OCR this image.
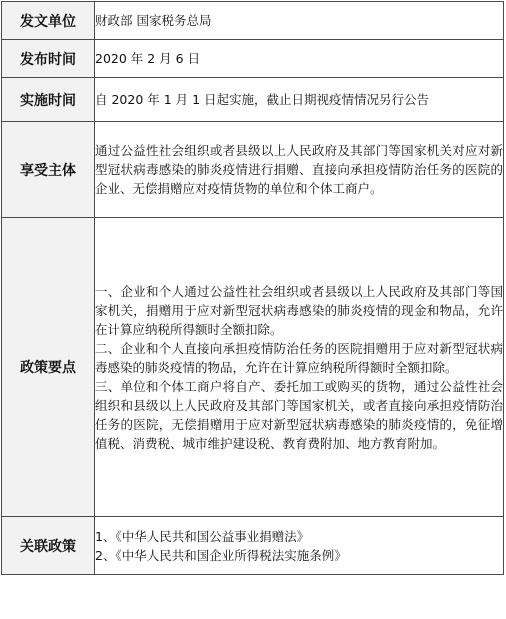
发文单位	财政部 国家税务总局
发布时间	2020 年 2 月 6 日
实施时间	自 2020 年 1 月 1 日起实施，截止日期视疫情情况另行公告
享受主体	通过公益性社会组织或者县级以上人民政府及其部门等国家机关对应对新型冠状病毒感染的肺炎疫情进行捐赠、直接向承担疫情防治任务的医院的企业、无偿捐赠应对疫情货物的单位和个体工商户。
政策要点	一、企业和个人通过公益性社会组织或者县级以上人民政府及其部门等国家机关，捐赠用于应对新型冠状病毒感染的肺炎疫情的现金和物品，允许在计算应纳税所得额时全额扣除。
二、企业和个人直接向承担疫情防治任务的医院捐赠用于应对新型冠状病毒感染的肺炎疫情的物品，允许在计算应纳税所得额时全额扣除。
三、单位和个体工商户将自产、委托加工或购买的货物，通过公益性社会组织和县级以上人民政府及其部门等国家机关，或者直接向承担疫情防治任务的医院，无偿捐赠用于应对新型冠状病毒感染的肺炎疫情的，免征增值税、消费税、城市维护建设税、教育费附加、地方教育附加。

关联政策	1、《中华人民共和国公益事业捐赠法》
2、《中华人民共和国企业所得税法实施条例》
